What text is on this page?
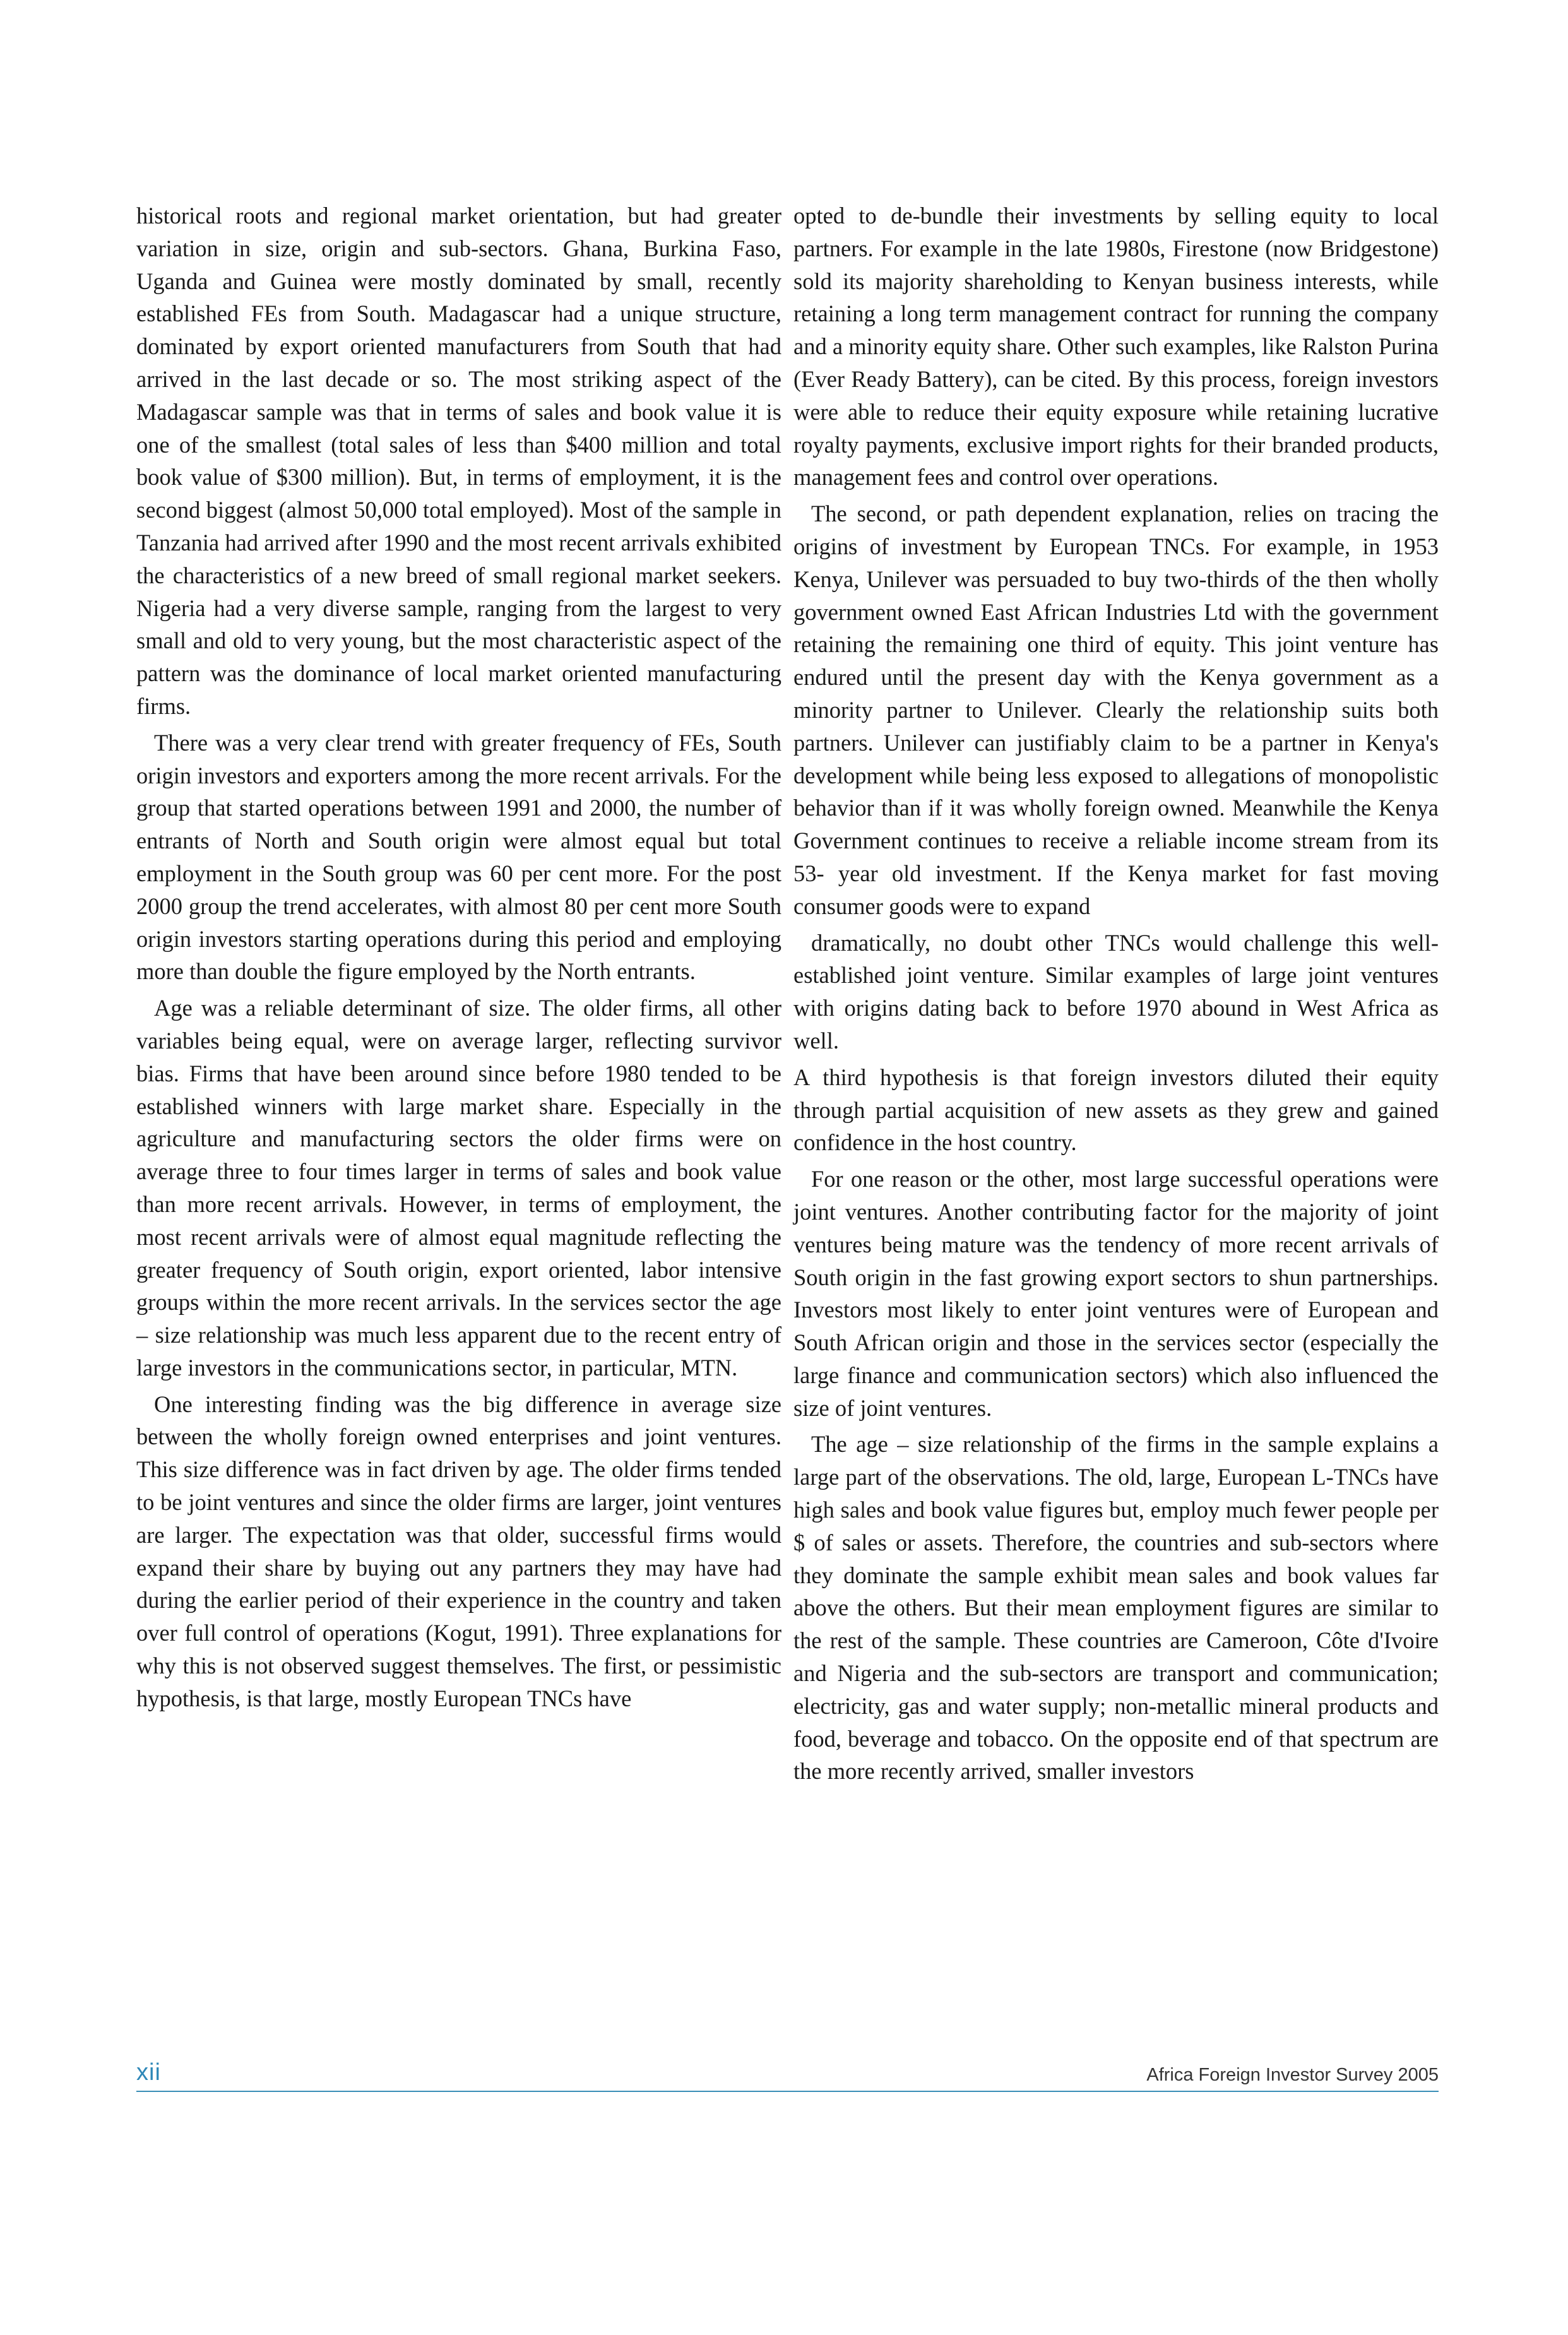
historical roots and regional market orientation, but had greater variation in size, origin and sub-sectors. Ghana, Burkina Faso, Uganda and Guinea were mostly dominated by small, recently established FEs from South. Madagascar had a unique structure, dominated by export oriented manufacturers from South that had arrived in the last decade or so. The most striking aspect of the Madagascar sample was that in terms of sales and book value it is one of the smallest (total sales of less than $400 million and total book value of $300 million). But, in terms of employment, it is the second biggest (almost 50,000 total employed). Most of the sample in Tanzania had arrived after 1990 and the most recent arrivals exhibited the characteristics of a new breed of small regional market seekers. Nigeria had a very diverse sample, ranging from the largest to very small and old to very young, but the most characteristic aspect of the pattern was the dominance of local market oriented manufacturing firms.

There was a very clear trend with greater frequency of FEs, South origin investors and exporters among the more recent arrivals. For the group that started operations between 1991 and 2000, the number of entrants of North and South origin were almost equal but total employment in the South group was 60 per cent more. For the post 2000 group the trend accelerates, with almost 80 per cent more South origin investors starting operations during this period and employing more than double the figure employed by the North entrants.

Age was a reliable determinant of size. The older firms, all other variables being equal, were on average larger, reflecting survivor bias. Firms that have been around since before 1980 tended to be established winners with large market share. Especially in the agriculture and manufacturing sectors the older firms were on average three to four times larger in terms of sales and book value than more recent arrivals. However, in terms of employment, the most recent arrivals were of almost equal magnitude reflecting the greater frequency of South origin, export oriented, labor intensive groups within the more recent arrivals. In the services sector the age – size relationship was much less apparent due to the recent entry of large investors in the communications sector, in particular, MTN.

One interesting finding was the big difference in average size between the wholly foreign owned enterprises and joint ventures. This size difference was in fact driven by age. The older firms tended to be joint ventures and since the older firms are larger, joint ventures are larger. The expectation was that older, successful firms would expand their share by buying out any partners they may have had during the earlier period of their experience in the country and taken over full control of operations (Kogut, 1991). Three explanations for why this is not observed suggest themselves. The first, or pessimistic hypothesis, is that large, mostly European TNCs have

opted to de-bundle their investments by selling equity to local partners. For example in the late 1980s, Firestone (now Bridgestone) sold its majority shareholding to Kenyan business interests, while retaining a long term management contract for running the company and a minority equity share. Other such examples, like Ralston Purina (Ever Ready Battery), can be cited. By this process, foreign investors were able to reduce their equity exposure while retaining lucrative royalty payments, exclusive import rights for their branded products, management fees and control over operations.

The second, or path dependent explanation, relies on tracing the origins of investment by European TNCs. For example, in 1953 Kenya, Unilever was persuaded to buy two-thirds of the then wholly government owned East African Industries Ltd with the government retaining the remaining one third of equity. This joint venture has endured until the present day with the Kenya government as a minority partner to Unilever. Clearly the relationship suits both partners. Unilever can justifiably claim to be a partner in Kenya's development while being less exposed to allegations of monopolistic behavior than if it was wholly foreign owned. Meanwhile the Kenya Government continues to receive a reliable income stream from its 53- year old investment. If the Kenya market for fast moving consumer goods were to expand

dramatically, no doubt other TNCs would challenge this well-established joint venture. Similar examples of large joint ventures with origins dating back to before 1970 abound in West Africa as well.

A third hypothesis is that foreign investors diluted their equity through partial acquisition of new assets as they grew and gained confidence in the host country.

For one reason or the other, most large successful operations were joint ventures. Another contributing factor for the majority of joint ventures being mature was the tendency of more recent arrivals of South origin in the fast growing export sectors to shun partnerships. Investors most likely to enter joint ventures were of European and South African origin and those in the services sector (especially the large finance and communication sectors) which also influenced the size of joint ventures.

The age – size relationship of the firms in the sample explains a large part of the observations. The old, large, European L-TNCs have high sales and book value figures but, employ much fewer people per $ of sales or assets. Therefore, the countries and sub-sectors where they dominate the sample exhibit mean sales and book values far above the others. But their mean employment figures are similar to the rest of the sample. These countries are Cameroon, Côte d'Ivoire and Nigeria and the sub-sectors are transport and communication; electricity, gas and water supply; non-metallic mineral products and food, beverage and tobacco. On the opposite end of that spectrum are the more recently arrived, smaller investors

xii	Africa Foreign Investor Survey 2005
